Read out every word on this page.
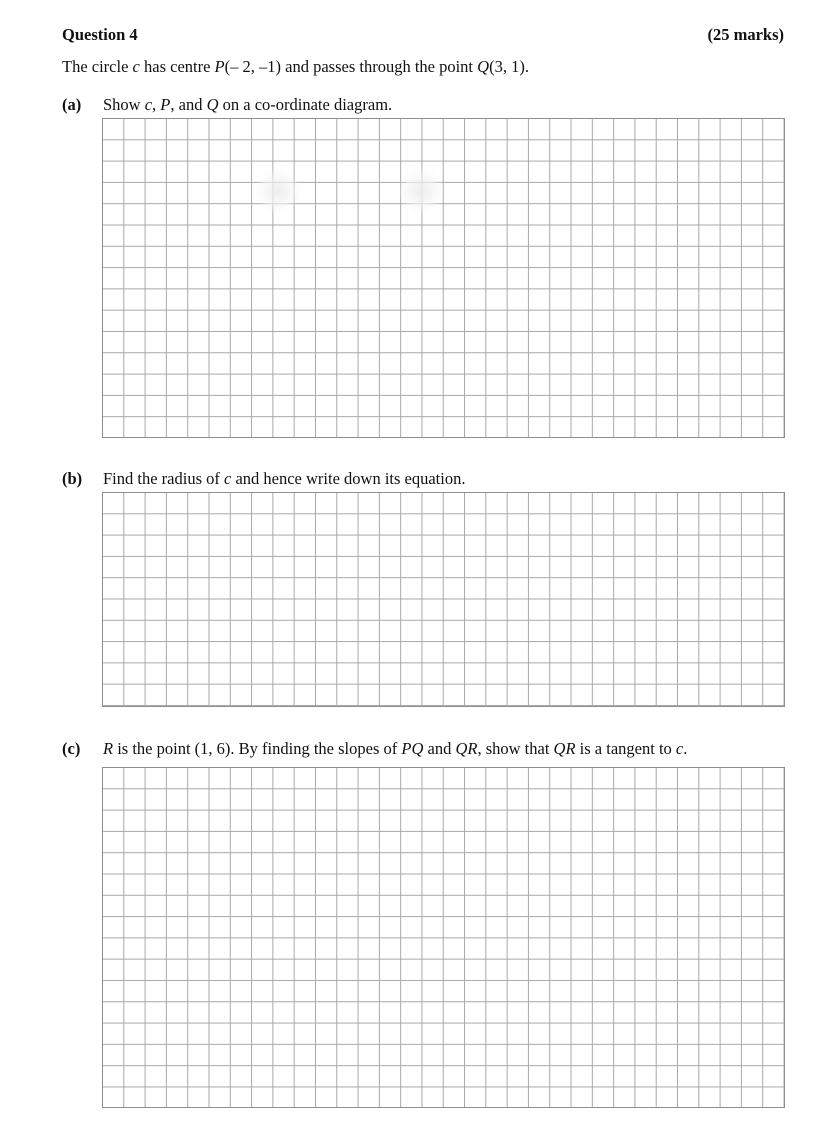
Question 4	(25 marks)
The circle c has centre P(– 2, –1) and passes through the point Q(3, 1).
(a) Show c, P, and Q on a co-ordinate diagram.
(b) Find the radius of c and hence write down its equation.
(c) R is the point (1, 6). By finding the slopes of PQ and QR, show that QR is a tangent to c.
